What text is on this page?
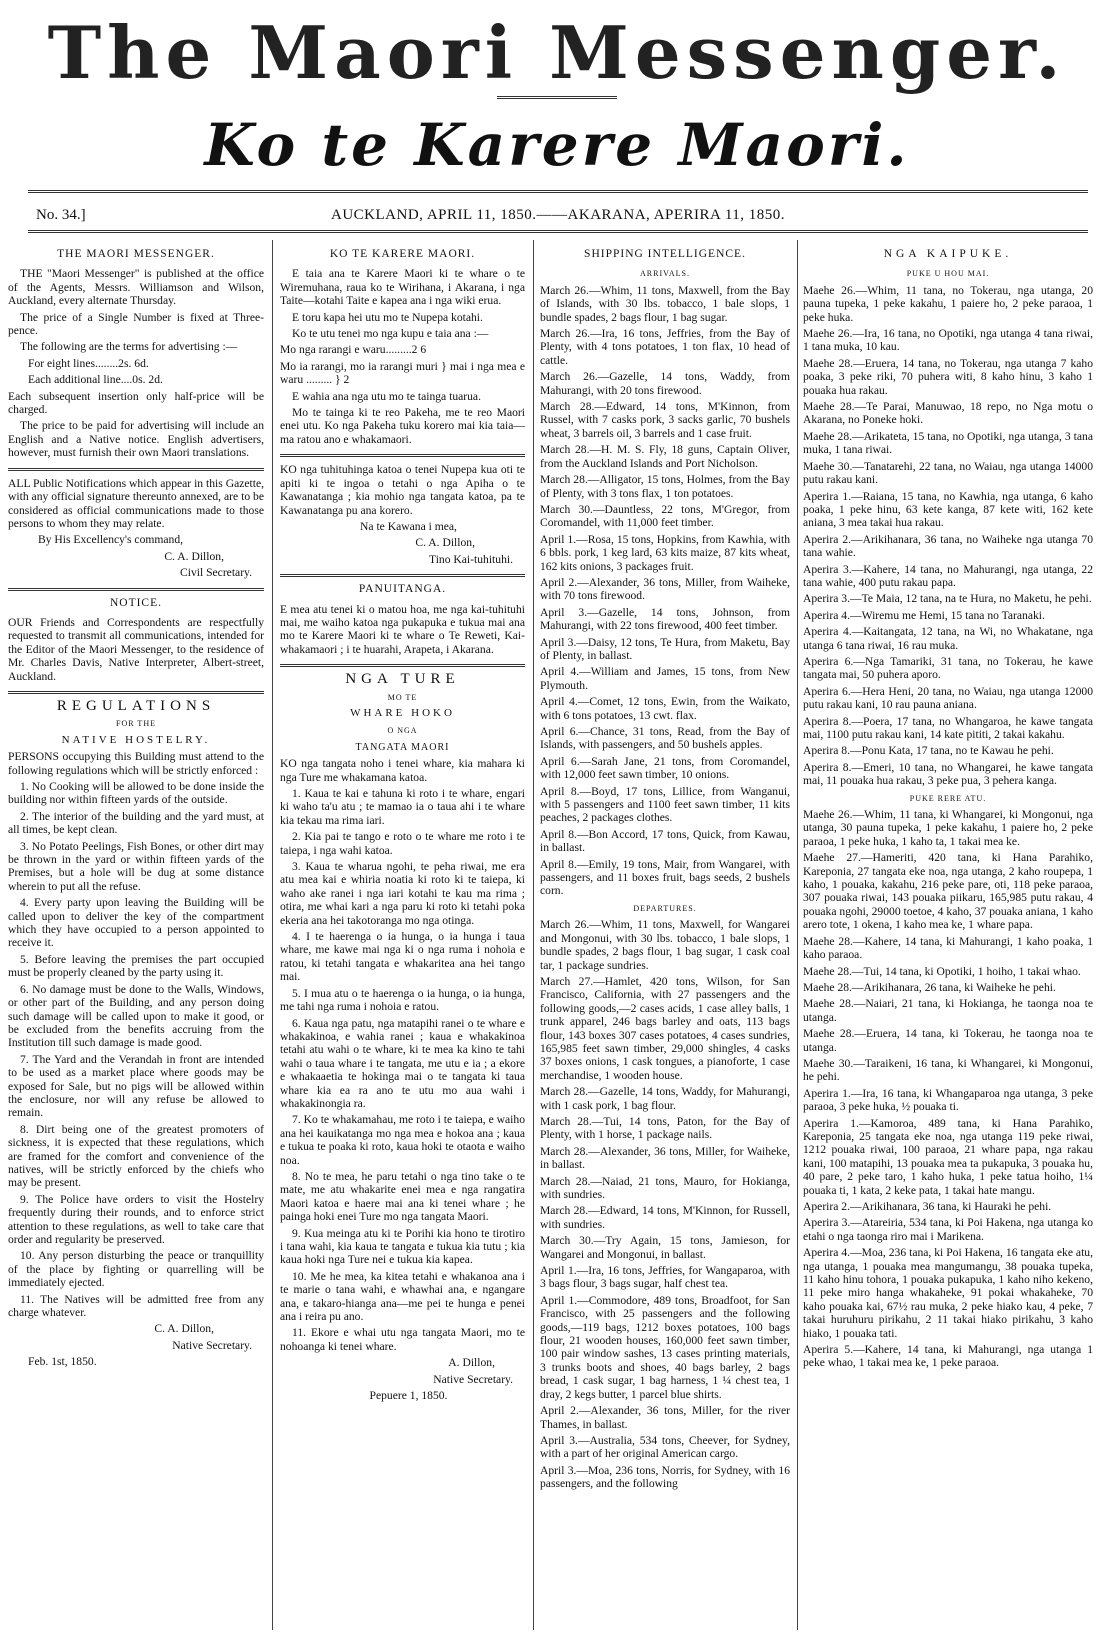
The Maori Messenger.
Ko te Karere Maori.
No. 34.]	AUCKLAND, APRIL 11, 1850.——AKARANA, APERIRA 11, 1850.
THE MAORI MESSENGER.

THE "Maori Messenger" is published at the office of the Agents, Messrs. Williamson and Wilson, Auckland, every alternate Thursday.

The price of a Single Number is fixed at Three-pence.

The following are the terms for advertising :—

For eight lines........2s. 6d.

Each additional line....0s. 2d.

Each subsequent insertion only half-price will be charged.

The price to be paid for advertising will include an English and a Native notice. English advertisers, however, must furnish their own Maori translations.

ALL Public Notifications which appear in this Gazette, with any official signature thereunto annexed, are to be considered as official communications made to those persons to whom they may relate.

By His Excellency's command,

C. A. Dillon,

Civil Secretary.

NOTICE.

OUR Friends and Correspondents are respectfully requested to transmit all communications, intended for the Editor of the Maori Messenger, to the residence of Mr. Charles Davis, Native Interpreter, Albert-street, Auckland.

REGULATIONS
FOR THE
NATIVE HOSTELRY.

PERSONS occupying this Building must attend to the following regulations which will be strictly enforced :

1. No Cooking will be allowed to be done inside the building nor within fifteen yards of the outside.

2. The interior of the building and the yard must, at all times, be kept clean.

3. No Potato Peelings, Fish Bones, or other dirt may be thrown in the yard or within fifteen yards of the Premises, but a hole will be dug at some distance wherein to put all the refuse.

4. Every party upon leaving the Building will be called upon to deliver the key of the compartment which they have occupied to a person appointed to receive it.

5. Before leaving the premises the part occupied must be properly cleaned by the party using it.

6. No damage must be done to the Walls, Windows, or other part of the Building, and any person doing such damage will be called upon to make it good, or be excluded from the benefits accruing from the Institution till such damage is made good.

7. The Yard and the Verandah in front are intended to be used as a market place where goods may be exposed for Sale, but no pigs will be allowed within the enclosure, nor will any refuse be allowed to remain.

8. Dirt being one of the greatest promoters of sickness, it is expected that these regulations, which are framed for the comfort and convenience of the natives, will be strictly enforced by the chiefs who may be present.

9. The Police have orders to visit the Hostelry frequently during their rounds, and to enforce strict attention to these regulations, as well to take care that order and regularity be preserved.

10. Any person disturbing the peace or tranquillity of the place by fighting or quarrelling will be immediately ejected.

11. The Natives will be admitted free from any charge whatever.

C. A. Dillon,

Native Secretary.

Feb. 1st, 1850.

KO TE KARERE MAORI.

E taia ana te Karere Maori ki te whare o te Wiremuhana, raua ko te Wirihana, i Akarana, i nga Taite—kotahi Taite e kapea ana i nga wiki erua.

E toru kapa hei utu mo te Nupepa kotahi.

Ko te utu tenei mo nga kupu e taia ana :—

Mo nga rarangi e waru.........2 6

Mo ia rarangi, mo ia rarangi muri } mai i nga mea e waru ......... } 2

E wahia ana nga utu mo te tainga tuarua.

Mo te tainga ki te reo Pakeha, me te reo Maori enei utu. Ko nga Pakeha tuku korero mai kia taia—ma ratou ano e whakamaori.

KO nga tuhituhinga katoa o tenei Nupepa kua oti te apiti ki te ingoa o tetahi o nga Apiha o te Kawanatanga ; kia mohio nga tangata katoa, pa te Kawanatanga pu ana korero.

Na te Kawana i mea,

C. A. Dillon,

Tino Kai-tuhituhi.

PANUITANGA.

E mea atu tenei ki o matou hoa, me nga kai-tuhituhi mai, me waiho katoa nga pukapuka e tukua mai ana mo te Karere Maori ki te whare o Te Reweti, Kai-whakamaori ; i te huarahi, Arapeta, i Akarana.

NGA TURE
MO TE
WHARE HOKO
O NGA
TANGATA MAORI

KO nga tangata noho i tenei whare, kia mahara ki nga Ture me whakamana katoa.

1. Kaua te kai e tahuna ki roto i te whare, engari ki waho ta'u atu ; te mamao ia o taua ahi i te whare kia tekau ma rima iari.

2. Kia pai te tango e roto o te whare me roto i te taiepa, i nga wahi katoa.

3. Kaua te wharua ngohi, te peha riwai, me era atu mea kai e whiria noatia ki roto ki te taiepa, ki waho ake ranei i nga iari kotahi te kau ma rima ; otira, me whai kari a nga paru ki roto ki tetahi poka ekeria ana hei takotoranga mo nga otinga.

4. I te haerenga o ia hunga, o ia hunga i taua whare, me kawe mai nga ki o nga ruma i nohoia e ratou, ki tetahi tangata e whakaritea ana hei tango mai.

5. I mua atu o te haerenga o ia hunga, o ia hunga, me tahi nga ruma i nohoia e ratou.

6. Kaua nga patu, nga matapihi ranei o te whare e whakakinoa, e wahia ranei ; kaua e whakakinoa tetahi atu wahi o te whare, ki te mea ka kino te tahi wahi o taua whare i te tangata, me utu e ia ; a ekore e whakaaetia te hokinga mai o te tangata ki taua whare kia ea ra ano te utu mo aua wahi i whakakinongia ra.

7. Ko te whakamahau, me roto i te taiepa, e waiho ana hei kauikatanga mo nga mea e hokoa ana ; kaua e tukua te poaka ki roto, kaua hoki te otaota e waiho noa.

8. No te mea, he paru tetahi o nga tino take o te mate, me atu whakarite enei mea e nga rangatira Maori katoa e haere mai ana ki tenei whare ; he painga hoki enei Ture mo nga tangata Maori.

9. Kua meinga atu ki te Porihi kia hono te tirotiro i tana wahi, kia kaua te tangata e tukua kia tutu ; kia kaua hoki nga Ture nei e tukua kia kapea.

10. Me he mea, ka kitea tetahi e whakanoa ana i te marie o tana wahi, e whawhai ana, e ngangare ana, e takaro-hianga ana—me pei te hunga e penei ana i reira pu ano.

11. Ekore e whai utu nga tangata Maori, mo te nohoanga ki tenei whare.

A. Dillon,

Native Secretary.

Pepuere 1, 1850.

SHIPPING INTELLIGENCE.
ARRIVALS.

March 26.—Whim, 11 tons, Maxwell, from the Bay of Islands, with 30 lbs. tobacco, 1 bale slops, 1 bundle spades, 2 bags flour, 1 bag sugar.

March 26.—Ira, 16 tons, Jeffries, from the Bay of Plenty, with 4 tons potatoes, 1 ton flax, 10 head of cattle.

March 26.—Gazelle, 14 tons, Waddy, from Mahurangi, with 20 tons firewood.

March 28.—Edward, 14 tons, M'Kinnon, from Russel, with 7 casks pork, 3 sacks garlic, 70 bushels wheat, 3 barrels oil, 3 barrels and 1 case fruit.

March 28.—H. M. S. Fly, 18 guns, Captain Oliver, from the Auckland Islands and Port Nicholson.

March 28.—Alligator, 15 tons, Holmes, from the Bay of Plenty, with 3 tons flax, 1 ton potatoes.

March 30.—Dauntless, 22 tons, M'Gregor, from Coromandel, with 11,000 feet timber.

April 1.—Rosa, 15 tons, Hopkins, from Kawhia, with 6 bbls. pork, 1 keg lard, 63 kits maize, 87 kits wheat, 162 kits onions, 3 packages fruit.

April 2.—Alexander, 36 tons, Miller, from Waiheke, with 70 tons firewood.

April 3.—Gazelle, 14 tons, Johnson, from Mahurangi, with 22 tons firewood, 400 feet timber.

April 3.—Daisy, 12 tons, Te Hura, from Maketu, Bay of Plenty, in ballast.

April 4.—William and James, 15 tons, from New Plymouth.

April 4.—Comet, 12 tons, Ewin, from the Waikato, with 6 tons potatoes, 13 cwt. flax.

April 6.—Chance, 31 tons, Read, from the Bay of Islands, with passengers, and 50 bushels apples.

April 6.—Sarah Jane, 21 tons, from Coromandel, with 12,000 feet sawn timber, 10 onions.

April 8.—Boyd, 17 tons, Lillice, from Wanganui, with 5 passengers and 1100 feet sawn timber, 11 kits peaches, 2 packages clothes.

April 8.—Bon Accord, 17 tons, Quick, from Kawau, in ballast.

April 8.—Emily, 19 tons, Mair, from Wangarei, with passengers, and 11 boxes fruit, bags seeds, 2 bushels corn.

DEPARTURES.

March 26.—Whim, 11 tons, Maxwell, for Wangarei and Mongonui, with 30 lbs. tobacco, 1 bale slops, 1 bundle spades, 2 bags flour, 1 bag sugar, 1 cask coal tar, 1 package sundries.

March 27.—Hamlet, 420 tons, Wilson, for San Francisco, California, with 27 passengers and the following goods,—2 cases acids, 1 case alley balls, 1 trunk apparel, 246 bags barley and oats, 113 bags flour, 143 boxes 307 cases potatoes, 4 cases sundries, 165,985 feet sawn timber, 29,000 shingles, 4 casks 37 boxes onions, 1 cask tongues, a pianoforte, 1 case merchandise, 1 wooden house.

March 28.—Gazelle, 14 tons, Waddy, for Mahurangi, with 1 cask pork, 1 bag flour.

March 28.—Tui, 14 tons, Paton, for the Bay of Plenty, with 1 horse, 1 package nails.

March 28.—Alexander, 36 tons, Miller, for Waiheke, in ballast.

March 28.—Naiad, 21 tons, Mauro, for Hokianga, with sundries.

March 28.—Edward, 14 tons, M'Kinnon, for Russell, with sundries.

March 30.—Try Again, 15 tons, Jamieson, for Wangarei and Mongonui, in ballast.

April 1.—Ira, 16 tons, Jeffries, for Wangaparoa, with 3 bags flour, 3 bags sugar, half chest tea.

April 1.—Commodore, 489 tons, Broadfoot, for San Francisco, with 25 passengers and the following goods,—119 bags, 1212 boxes potatoes, 100 bags flour, 21 wooden houses, 160,000 feet sawn timber, 100 pair window sashes, 13 cases printing materials, 3 trunks boots and shoes, 40 bags barley, 2 bags bread, 1 cask sugar, 1 bag harness, 1 ¼ chest tea, 1 dray, 2 kegs butter, 1 parcel blue shirts.

April 2.—Alexander, 36 tons, Miller, for the river Thames, in ballast.

April 3.—Australia, 534 tons, Cheever, for Sydney, with a part of her original American cargo.

April 3.—Moa, 236 tons, Norris, for Sydney, with 16 passengers, and the following

NGA KAIPUKE.
PUKE U HOU MAI.

Maehe 26.—Whim, 11 tana, no Tokerau, nga utanga, 20 pauna tupeka, 1 peke kakahu, 1 paiere ho, 2 peke paraoa, 1 peke huka.

Maehe 26.—Ira, 16 tana, no Opotiki, nga utanga 4 tana riwai, 1 tana muka, 10 kau.

Maehe 28.—Eruera, 14 tana, no Tokerau, nga utanga 7 kaho poaka, 3 peke riki, 70 puhera witi, 8 kaho hinu, 3 kaho 1 pouaka hua rakau.

Maehe 28.—Te Parai, Manuwao, 18 repo, no Nga motu o Akarana, no Poneke hoki.

Maehe 28.—Arikateta, 15 tana, no Opotiki, nga utanga, 3 tana muka, 1 tana riwai.

Maehe 30.—Tanatarehi, 22 tana, no Waiau, nga utanga 14000 putu rakau kani.

Aperira 1.—Raiana, 15 tana, no Kawhia, nga utanga, 6 kaho poaka, 1 peke hinu, 63 kete kanga, 87 kete witi, 162 kete aniana, 3 mea takai hua rakau.

Aperira 2.—Arikihanara, 36 tana, no Waiheke nga utanga 70 tana wahie.

Aperira 3.—Kahere, 14 tana, no Mahurangi, nga utanga, 22 tana wahie, 400 putu rakau papa.

Aperira 3.—Te Maia, 12 tana, na te Hura, no Maketu, he pehi.

Aperira 4.—Wiremu me Hemi, 15 tana no Taranaki.

Aperira 4.—Kaitangata, 12 tana, na Wi, no Whakatane, nga utanga 6 tana riwai, 16 rau muka.

Aperira 6.—Nga Tamariki, 31 tana, no Tokerau, he kawe tangata mai, 50 puhera aporo.

Aperira 6.—Hera Heni, 20 tana, no Waiau, nga utanga 12000 putu rakau kani, 10 rau pauna aniana.

Aperira 8.—Poera, 17 tana, no Whangaroa, he kawe tangata mai, 1100 putu rakau kani, 14 kate pititi, 2 takai kakahu.

Aperira 8.—Ponu Kata, 17 tana, no te Kawau he pehi.

Aperira 8.—Emeri, 10 tana, no Whangarei, he kawe tangata mai, 11 pouaka hua rakau, 3 peke pua, 3 pehera kanga.

PUKE RERE ATU.

Maehe 26.—Whim, 11 tana, ki Whangarei, ki Mongonui, nga utanga, 30 pauna tupeka, 1 peke kakahu, 1 paiere ho, 2 peke paraoa, 1 peke huka, 1 kaho ta, 1 takai mea ke.

Maehe 27.—Hameriti, 420 tana, ki Hana Parahiko, Kareponia, 27 tangata eke noa, nga utanga, 2 kaho roupepa, 1 kaho, 1 pouaka, kakahu, 216 peke pare, oti, 118 peke paraoa, 307 pouaka riwai, 143 pouaka piikaru, 165,985 putu rakau, 4 pouaka ngohi, 29000 toetoe, 4 kaho, 37 pouaka aniana, 1 kaho arero tote, 1 okena, 1 kaho mea ke, 1 whare papa.

Maehe 28.—Kahere, 14 tana, ki Mahurangi, 1 kaho poaka, 1 kaho paraoa.

Maehe 28.—Tui, 14 tana, ki Opotiki, 1 hoiho, 1 takai whao.

Maehe 28.—Arikihanara, 26 tana, ki Waiheke he pehi.

Maehe 28.—Naiari, 21 tana, ki Hokianga, he taonga noa te utanga.

Maehe 28.—Eruera, 14 tana, ki Tokerau, he taonga noa te utanga.

Maehe 30.—Taraikeni, 16 tana, ki Whangarei, ki Mongonui, he pehi.

Aperira 1.—Ira, 16 tana, ki Whangaparoa nga utanga, 3 peke paraoa, 3 peke huka, ½ pouaka ti.

Aperira 1.—Kamoroa, 489 tana, ki Hana Parahiko, Kareponia, 25 tangata eke noa, nga utanga 119 peke riwai, 1212 pouaka riwai, 100 paraoa, 21 whare papa, nga rakau kani, 100 matapihi, 13 pouaka mea ta pukapuka, 3 pouaka hu, 40 pare, 2 peke taro, 1 kaho huka, 1 peke tatua hoiho, 1¼ pouaka ti, 1 kata, 2 keke pata, 1 takai hate mangu.

Aperira 2.—Arikihanara, 36 tana, ki Hauraki he pehi.

Aperira 3.—Atareiria, 534 tana, ki Poi Hakena, nga utanga ko etahi o nga taonga riro mai i Marikena.

Aperira 4.—Moa, 236 tana, ki Poi Hakena, 16 tangata eke atu, nga utanga, 1 pouaka mea mangumangu, 38 pouaka tupeka, 11 kaho hinu tohora, 1 pouaka pukapuka, 1 kaho niho kekeno, 11 peke miro hanga whakaheke, 91 pokai whakaheke, 70 kaho pouaka kai, 67½ rau muka, 2 peke hiako kau, 4 peke, 7 takai huruhuru pirikahu, 2 11 takai hiako pirikahu, 3 kaho hiako, 1 pouaka tati.

Aperira 5.—Kahere, 14 tana, ki Mahurangi, nga utanga 1 peke whao, 1 takai mea ke, 1 peke paraoa.
